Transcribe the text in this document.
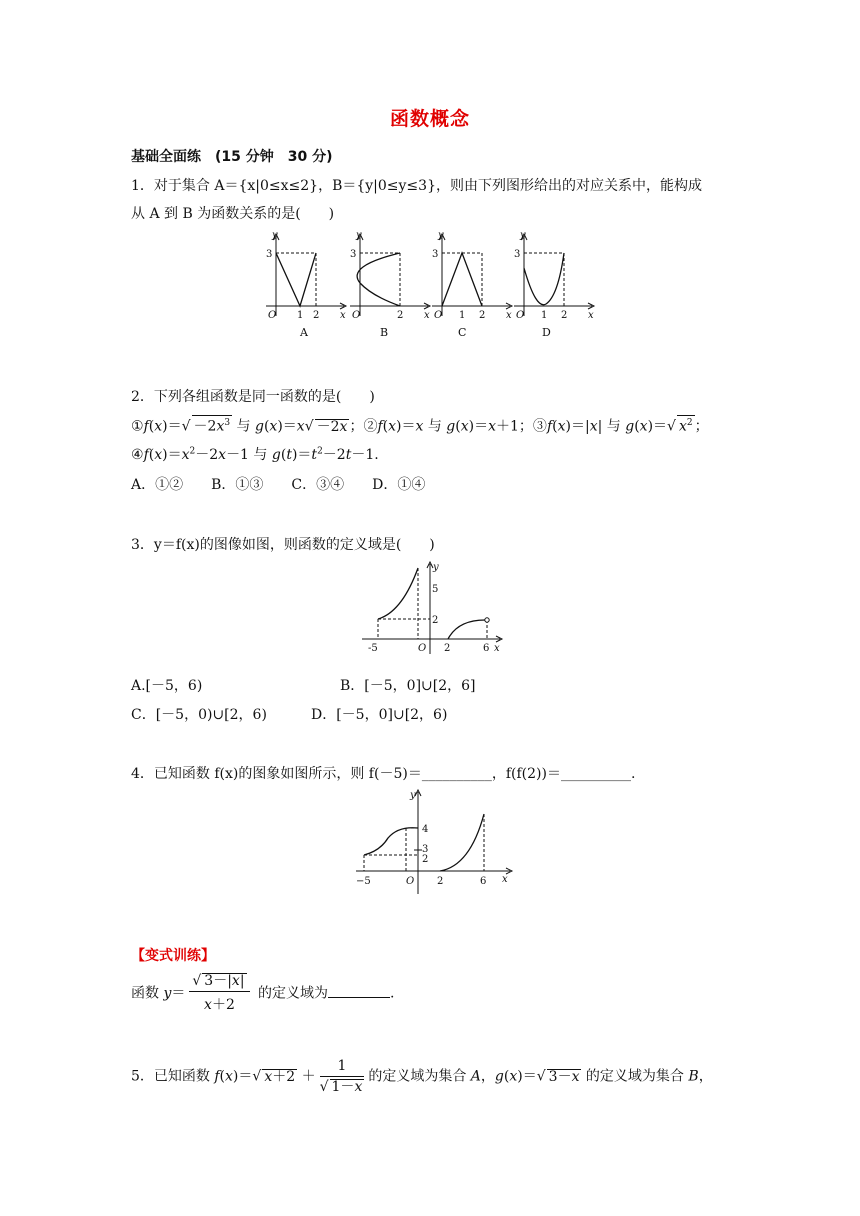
函数概念
基础全面练　(15 分钟　30 分)
1．对于集合 A＝{x|0≤x≤2}，B＝{y|0≤y≤3}，则由下列图形给出的对应关系中，能构成
从 A 到 B 为函数关系的是(　　)
y
3
O 1 2 x
A
y
3
O	2 x
B
y
3
O 1 2 x
C
y
3
O 1 2 x
D
2．下列各组函数是同一函数的是(　　)
①f(x)＝√ $-2x^3$ 与 g(x)＝x√ －2x ；②f(x)＝x 与 g(x)＝x＋1；③f(x)＝|x| 与 g(x)＝√ $x^2$ ；
$④f(x)=x^2-2x-1$ 与 $g(t)=t^2-2t-1$.
A．①②　　B．①③　　C．③④　　D．①④
3．y＝f(x)的图像如图，则函数的定义域是(　　)
y
5
2
-5	O 2	6 x
A.[－5，6)	B．[－5，0]∪[2，6]
C．[－5，0)∪[2，6)	D．[－5，0]∪[2，6)
4．已知函数 f(x)的图象如图所示，则 f(－5)＝__________，f(f(2))＝__________.
y
4
3
2
−5	O 2	6 x
【变式训练】
函数 $y= \frac{√ 3-|x|}{x+2}$ 的定义域为	.
5．已知函数 f(x)＝√ $x+2 + \frac{1}{√ 1-x}$ 的定义域为集合 A，g(x)＝√ 3－x 的定义域为集合 B，
